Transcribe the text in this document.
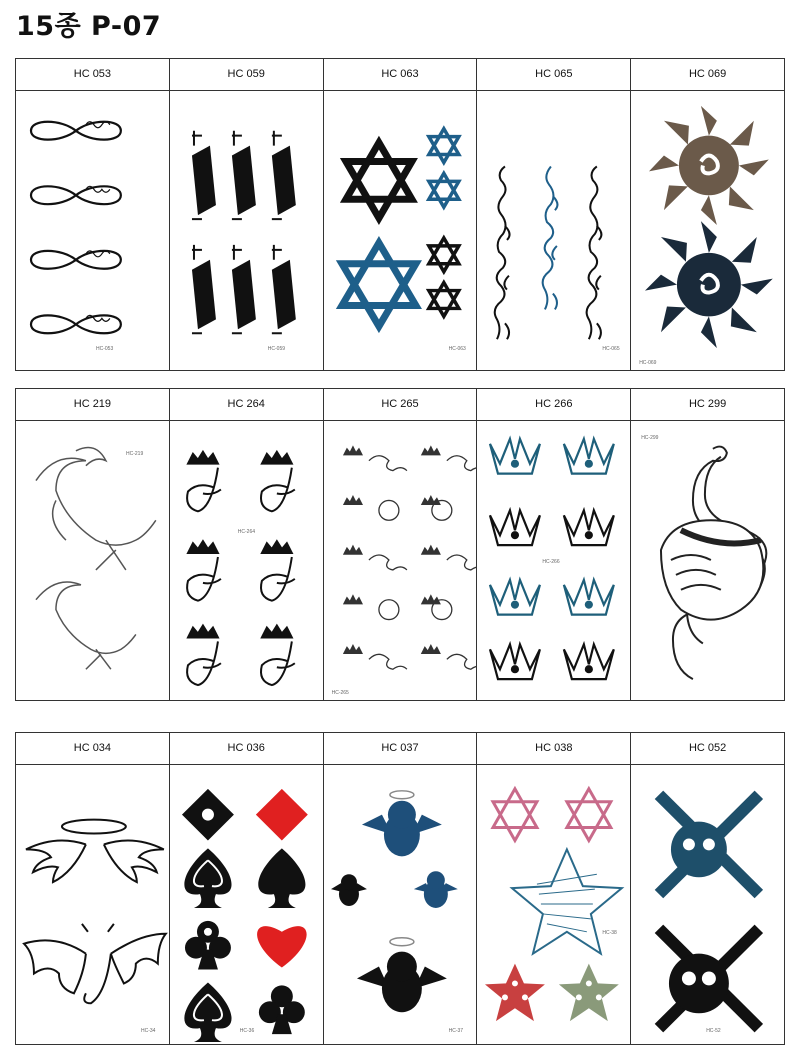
15종 P-07
HC 053
HC-053
HC 059
HC-059
HC 063
HC-063
HC 065
HC-065
HC 069
HC-069
HC 219
HC-219
HC 264
HC-264
HC 265
HC-265
HC 266
HC-266
HC 299
HC-299
HC 034
HC-34
HC 036
HC-36
HC 037
HC-37
HC 038
HC-38
HC 052
HC-52
